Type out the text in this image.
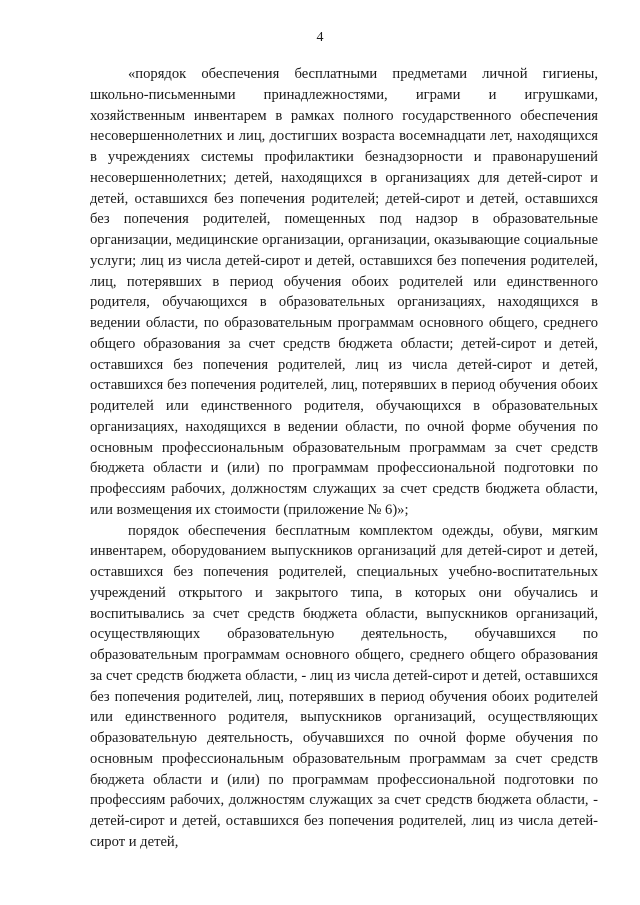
4

«порядок обеспечения бесплатными предметами личной гигиены, школьно-письменными принадлежностями, играми и игрушками, хозяйственным инвентарем в рамках полного государственного обеспечения несовершеннолетних и лиц, достигших возраста восемнадцати лет, находящихся в учреждениях системы профилактики безнадзорности и правонарушений несовершеннолетних; детей, находящихся в организациях для детей-сирот и детей, оставшихся без попечения родителей; детей-сирот и детей, оставшихся без попечения родителей, помещенных под надзор в образовательные организации, медицинские организации, организации, оказывающие социальные услуги; лиц из числа детей-сирот и детей, оставшихся без попечения родителей, лиц, потерявших в период обучения обоих родителей или единственного родителя, обучающихся в образовательных организациях, находящихся в ведении области, по образовательным программам основного общего, среднего общего образования за счет средств бюджета области; детей-сирот и детей, оставшихся без попечения родителей, лиц из числа детей-сирот и детей, оставшихся без попечения родителей, лиц, потерявших в период обучения обоих родителей или единственного родителя, обучающихся в образовательных организациях, находящихся в ведении области, по очной форме обучения по основным профессиональным образовательным программам за счет средств бюджета области и (или) по программам профессиональной подготовки по профессиям рабочих, должностям служащих за счет средств бюджета области, или возмещения их стоимости (приложение № 6)»;

порядок обеспечения бесплатным комплектом одежды, обуви, мягким инвентарем, оборудованием выпускников организаций для детей-сирот и детей, оставшихся без попечения родителей, специальных учебно-воспитательных учреждений открытого и закрытого типа, в которых они обучались и воспитывались за счет средств бюджета области, выпускников организаций, осуществляющих образовательную деятельность, обучавшихся по образовательным программам основного общего, среднего общего образования за счет средств бюджета области, - лиц из числа детей-сирот и детей, оставшихся без попечения родителей, лиц, потерявших в период обучения обоих родителей или единственного родителя, выпускников организаций, осуществляющих образовательную деятельность, обучавшихся по очной форме обучения по основным профессиональным образовательным программам за счет средств бюджета области и (или) по программам профессиональной подготовки по профессиям рабочих, должностям служащих за счет средств бюджета области, - детей-сирот и детей, оставшихся без попечения родителей, лиц из числа детей-сирот и детей,
